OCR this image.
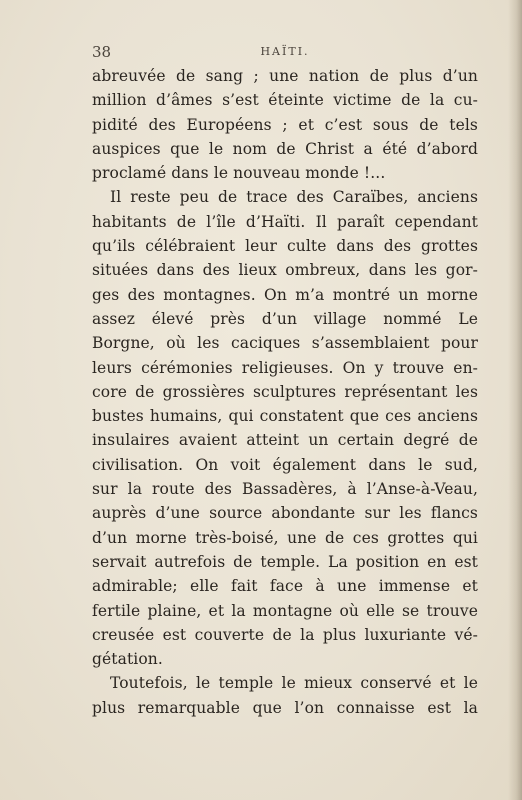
38	HAÏTI.
abreuvée de sang ; une nation de plus d’un
million d’âmes s’est éteinte victime de la cu-
pidité des Européens ; et c’est sous de tels
auspices que le nom de Christ a été d’abord
proclamé dans le nouveau monde !...
Il reste peu de trace des Caraïbes, anciens
habitants de l’île d’Haïti. Il paraît cependant
qu’ils célébraient leur culte dans des grottes
situées dans des lieux ombreux, dans les gor-
ges des montagnes. On m’a montré un morne
assez élevé près d’un village nommé Le
Borgne, où les caciques s’assemblaient pour
leurs cérémonies religieuses. On y trouve en-
core de grossières sculptures représentant les
bustes humains, qui constatent que ces anciens
insulaires avaient atteint un certain degré de
civilisation. On voit également dans le sud,
sur la route des Bassadères, à l’Anse-à-Veau,
auprès d’une source abondante sur les flancs
d’un morne très-boisé, une de ces grottes qui
servait autrefois de temple. La position en est
admirable; elle fait face à une immense et
fertile plaine, et la montagne où elle se trouve
creusée est couverte de la plus luxuriante vé-
gétation.
Toutefois, le temple le mieux conservé et le
plus remarquable que l’on connaisse est la
